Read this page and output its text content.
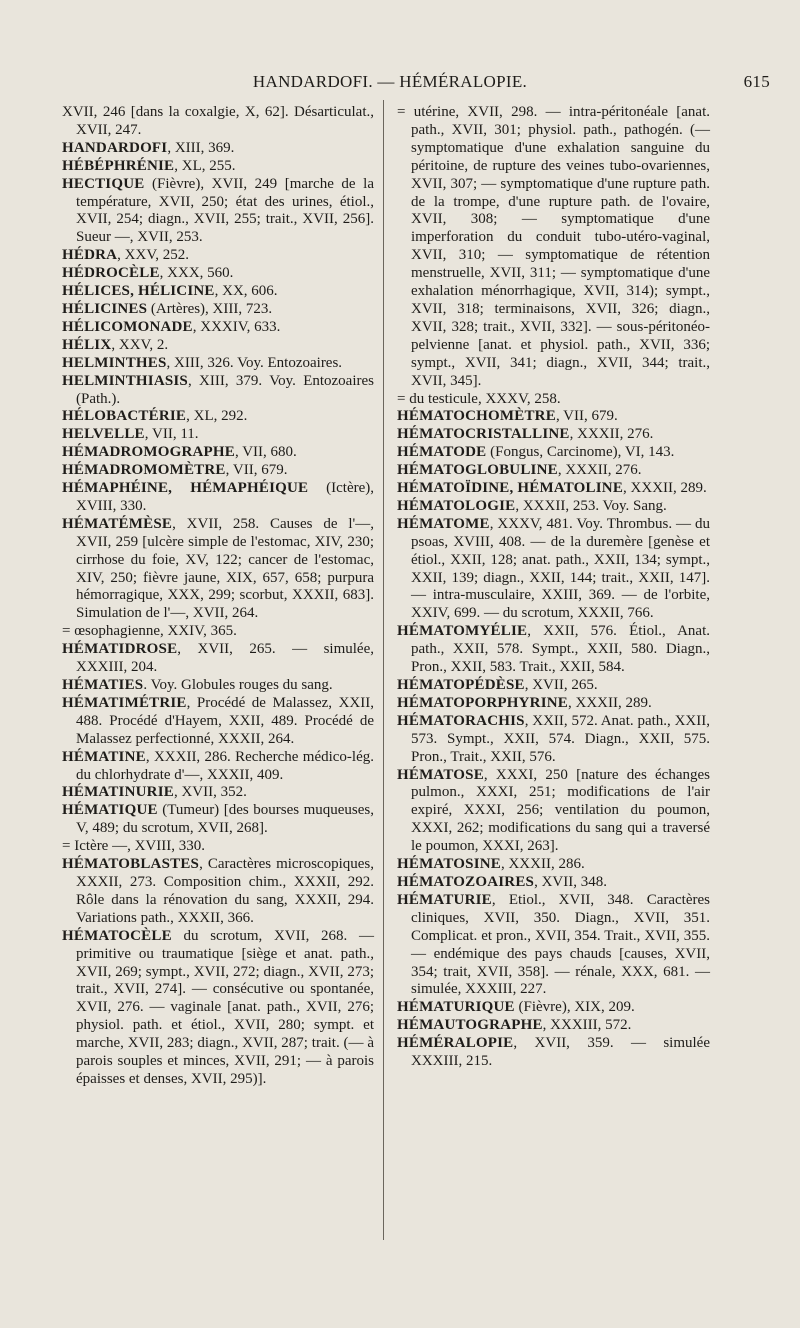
HANDARDOFI. — HÉMÉRALOPIE.	615

XVII, 246 [dans la coxalgie, X, 62]. Désarticulat., XVII, 247.

HANDARDOFI, XIII, 369.

HÉBÉPHRÉNIE, XL, 255.

HECTIQUE (Fièvre), XVII, 249 [marche de la température, XVII, 250; état des urines, étiol., XVII, 254; diagn., XVII, 255; trait., XVII, 256]. Sueur —, XVII, 253.

HÉDRA, XXV, 252.

HÉDROCÈLE, XXX, 560.

HÉLICES, HÉLICINE, XX, 606.

HÉLICINES (Artères), XIII, 723.

HÉLICOMONADE, XXXIV, 633.

HÉLIX, XXV, 2.

HELMINTHES, XIII, 326. Voy. Entozoaires.

HELMINTHIASIS, XIII, 379. Voy. Entozoaires (Path.).

HÉLOBACTÉRIE, XL, 292.

HELVELLE, VII, 11.

HÉMADROMOGRAPHE, VII, 680.

HÉMADROMOMÈTRE, VII, 679.

HÉMAPHÉINE, HÉMAPHÉIQUE (Ictère), XVIII, 330.

HÉMATÉMÈSE, XVII, 258. Causes de l'—, XVII, 259 [ulcère simple de l'estomac, XIV, 230; cirrhose du foie, XV, 122; cancer de l'estomac, XIV, 250; fièvre jaune, XIX, 657, 658; purpura hémorragique, XXX, 299; scorbut, XXXII, 683]. Simulation de l'—, XVII, 264.

= œsophagienne, XXIV, 365.

HÉMATIDROSE, XVII, 265. — simulée, XXXIII, 204.

HÉMATIES. Voy. Globules rouges du sang.

HÉMATIMÉTRIE, Procédé de Malassez, XXII, 488. Procédé d'Hayem, XXII, 489. Procédé de Malassez perfectionné, XXXII, 264.

HÉMATINE, XXXII, 286. Recherche médico-lég. du chlorhydrate d'—, XXXII, 409.

HÉMATINURIE, XVII, 352.

HÉMATIQUE (Tumeur) [des bourses muqueuses, V, 489; du scrotum, XVII, 268].

= Ictère —, XVIII, 330.

HÉMATOBLASTES, Caractères microscopiques, XXXII, 273. Composition chim., XXXII, 292. Rôle dans la rénovation du sang, XXXII, 294. Variations path., XXXII, 366.

HÉMATOCÈLE du scrotum, XVII, 268. — primitive ou traumatique [siège et anat. path., XVII, 269; sympt., XVII, 272; diagn., XVII, 273; trait., XVII, 274]. — consécutive ou spontanée, XVII, 276. — vaginale [anat. path., XVII, 276; physiol. path. et étiol., XVII, 280; sympt. et marche, XVII, 283; diagn., XVII, 287; trait. (— à parois souples et minces, XVII, 291; — à parois épaisses et denses, XVII, 295)].

= utérine, XVII, 298. — intra-péritonéale [anat. path., XVII, 301; physiol. path., pathogén. (— symptomatique d'une exhalation sanguine du péritoine, de rupture des veines tubo-ovariennes, XVII, 307; — symptomatique d'une rupture path. de la trompe, d'une rupture path. de l'ovaire, XVII, 308; — symptomatique d'une imperforation du conduit tubo-utéro-vaginal, XVII, 310; — symptomatique de rétention menstruelle, XVII, 311; — symptomatique d'une exhalation ménorrhagique, XVII, 314); sympt., XVII, 318; terminaisons, XVII, 326; diagn., XVII, 328; trait., XVII, 332]. — sous-péritonéo-pelvienne [anat. et physiol. path., XVII, 336; sympt., XVII, 341; diagn., XVII, 344; trait., XVII, 345].

= du testicule, XXXV, 258.

HÉMATOCHOMÈTRE, VII, 679.

HÉMATOCRISTALLINE, XXXII, 276.

HÉMATODE (Fongus, Carcinome), VI, 143.

HÉMATOGLOBULINE, XXXII, 276.

HÉMATOÏDINE, HÉMATOLINE, XXXII, 289.

HÉMATOLOGIE, XXXII, 253. Voy. Sang.

HÉMATOME, XXXV, 481. Voy. Thrombus. — du psoas, XVIII, 408. — de la duremère [genèse et étiol., XXII, 128; anat. path., XXII, 134; sympt., XXII, 139; diagn., XXII, 144; trait., XXII, 147]. — intra-musculaire, XXIII, 369. — de l'orbite, XXIV, 699. — du scrotum, XXXII, 766.

HÉMATOMYÉLIE, XXII, 576. Étiol., Anat. path., XXII, 578. Sympt., XXII, 580. Diagn., Pron., XXII, 583. Trait., XXII, 584.

HÉMATOPÉDÈSE, XVII, 265.

HÉMATOPORPHYRINE, XXXII, 289.

HÉMATORACHIS, XXII, 572. Anat. path., XXII, 573. Sympt., XXII, 574. Diagn., XXII, 575. Pron., Trait., XXII, 576.

HÉMATOSE, XXXI, 250 [nature des échanges pulmon., XXXI, 251; modifications de l'air expiré, XXXI, 256; ventilation du poumon, XXXI, 262; modifications du sang qui a traversé le poumon, XXXI, 263].

HÉMATOSINE, XXXII, 286.

HÉMATOZOAIRES, XVII, 348.

HÉMATURIE, Etiol., XVII, 348. Caractères cliniques, XVII, 350. Diagn., XVII, 351. Complicat. et pron., XVII, 354. Trait., XVII, 355. — endémique des pays chauds [causes, XVII, 354; trait, XVII, 358]. — rénale, XXX, 681. — simulée, XXXIII, 227.

HÉMATURIQUE (Fièvre), XIX, 209.

HÉMAUTOGRAPHE, XXXIII, 572.

HÉMÉRALOPIE, XVII, 359. — simulée XXXIII, 215.
